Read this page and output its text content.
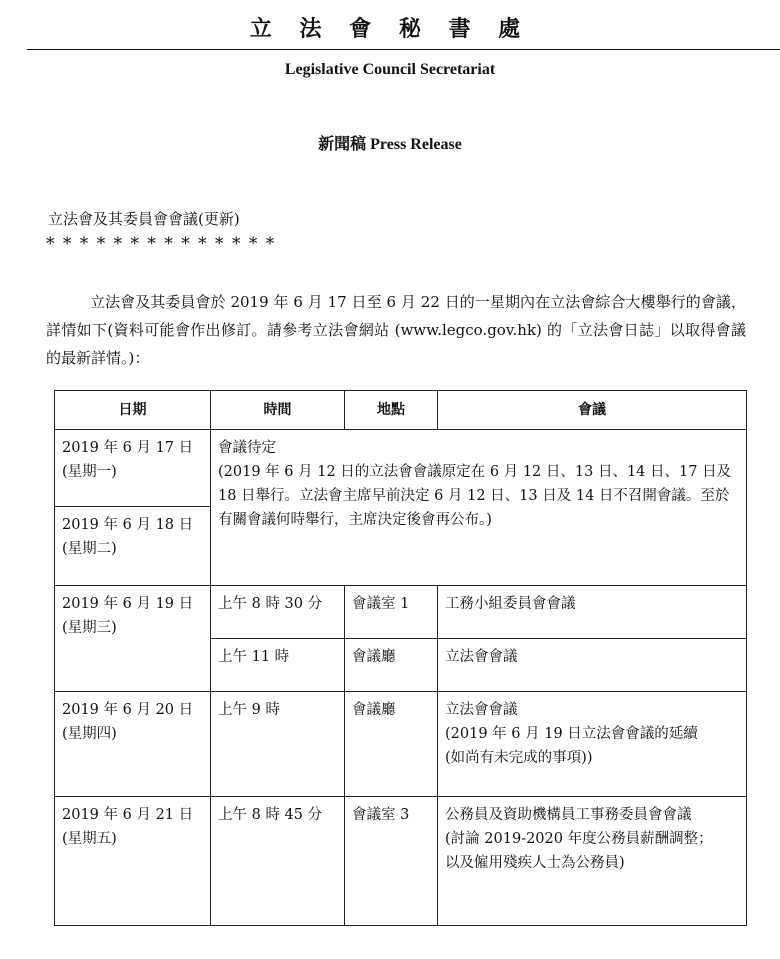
立 法 會 秘 書 處
Legislative Council Secretariat
新聞稿 Press Release
立法會及其委員會會議(更新)
* * * * * * * * * * * * * *
立法會及其委員會於 2019 年 6 月 17 日至 6 月 22 日的一星期內在立法會綜合大樓舉行的會議，詳情如下(資料可能會作出修訂。請參考立法會網站 (www.legco.gov.hk) 的「立法會日誌」以取得會議的最新詳情。)：
日期	時間	地點	會議

2019 年 6 月 17 日
(星期一)	會議待定
(2019 年 6 月 12 日的立法會會議原定在 6 月 12 日、13 日、14 日、17 日及 18 日舉行。立法會主席早前決定 6 月 12 日、13 日及 14 日不召開會議。至於有關會議何時舉行，主席決定後會再公布。)		

2019 年 6 月 18 日
(星期二)			

2019 年 6 月 19 日
(星期三)	上午 8 時 30 分	會議室 1	工務小組委員會會議
	上午 11 時	會議廳	立法會會議

2019 年 6 月 20 日
(星期四)	上午 9 時	會議廳	立法會會議
(2019 年 6 月 19 日立法會會議的延續
(如尚有未完成的事項))

2019 年 6 月 21 日
(星期五)	上午 8 時 45 分	會議室 3	公務員及資助機構員工事務委員會會議
(討論 2019-2020 年度公務員薪酬調整；
以及僱用殘疾人士為公務員)
